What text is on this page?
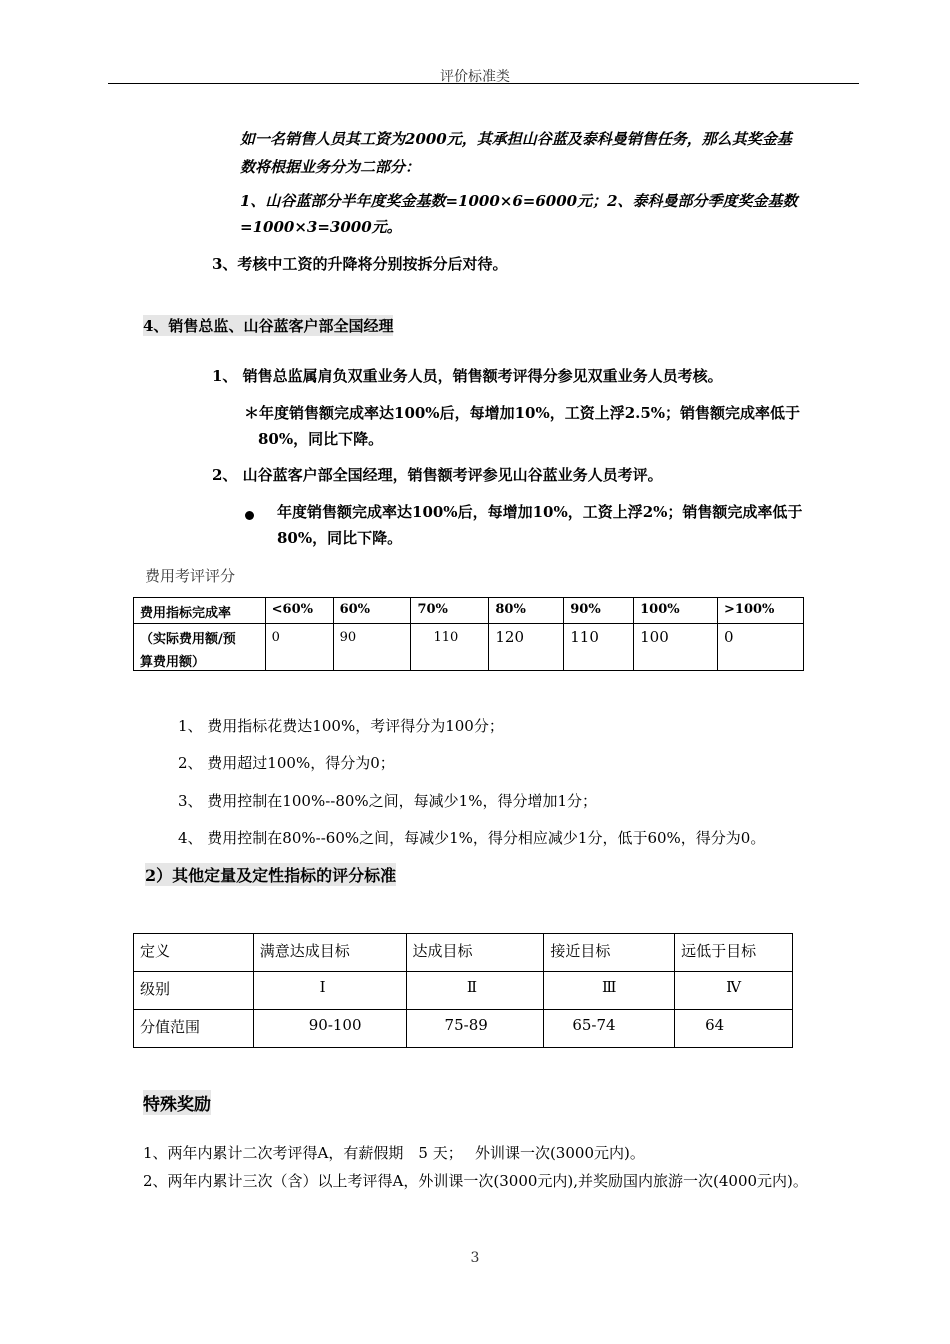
评价标准类
如一名销售人员其工资为2000元，其承担山谷蓝及泰科曼销售任务，那么其奖金基
数将根据业务分为二部分：
1、山谷蓝部分半年度奖金基数=1000×6=6000元；2、泰科曼部分季度奖金基数
=1000×3=3000元。
3、考核中工资的升降将分别按拆分后对待。
4、销售总监、山谷蓝客户部全国经理
1、 销售总监属肩负双重业务人员，销售额考评得分参见双重业务人员考核。
＊年度销售额完成率达100%后，每增加10%，工资上浮2.5%；销售额完成率低于
80%，同比下降。
2、 山谷蓝客户部全国经理，销售额考评参见山谷蓝业务人员考评。
年度销售额完成率达100%后，每增加10%，工资上浮2%；销售额完成率低于
80%，同比下降。
费用考评评分
费用指标完成率	<60%	60%	70%	80%	90%	100%	>100%

（实际费用额/预
算费用额）	0	90	110	120	110	100	0
1、 费用指标花费达100%，考评得分为100分；
2、 费用超过100%，得分为0；
3、 费用控制在100%--80%之间，每减少1%，得分增加1分；
4、 费用控制在80%--60%之间，每减少1%，得分相应减少1分，低于60%，得分为0。
2）其他定量及定性指标的评分标准
定义	满意达成目标	达成目标	接近目标	远低于目标

级别	Ⅰ	Ⅱ	Ⅲ	Ⅳ

分值范围	90-100	75-89	65-74	64
特殊奖励
1、两年内累计二次考评得A，有薪假期　5 天；　 外训课一次(3000元内)。
2、两年内累计三次（含）以上考评得A，外训课一次(3000元内),并奖励国内旅游一次(4000元内)。
3
